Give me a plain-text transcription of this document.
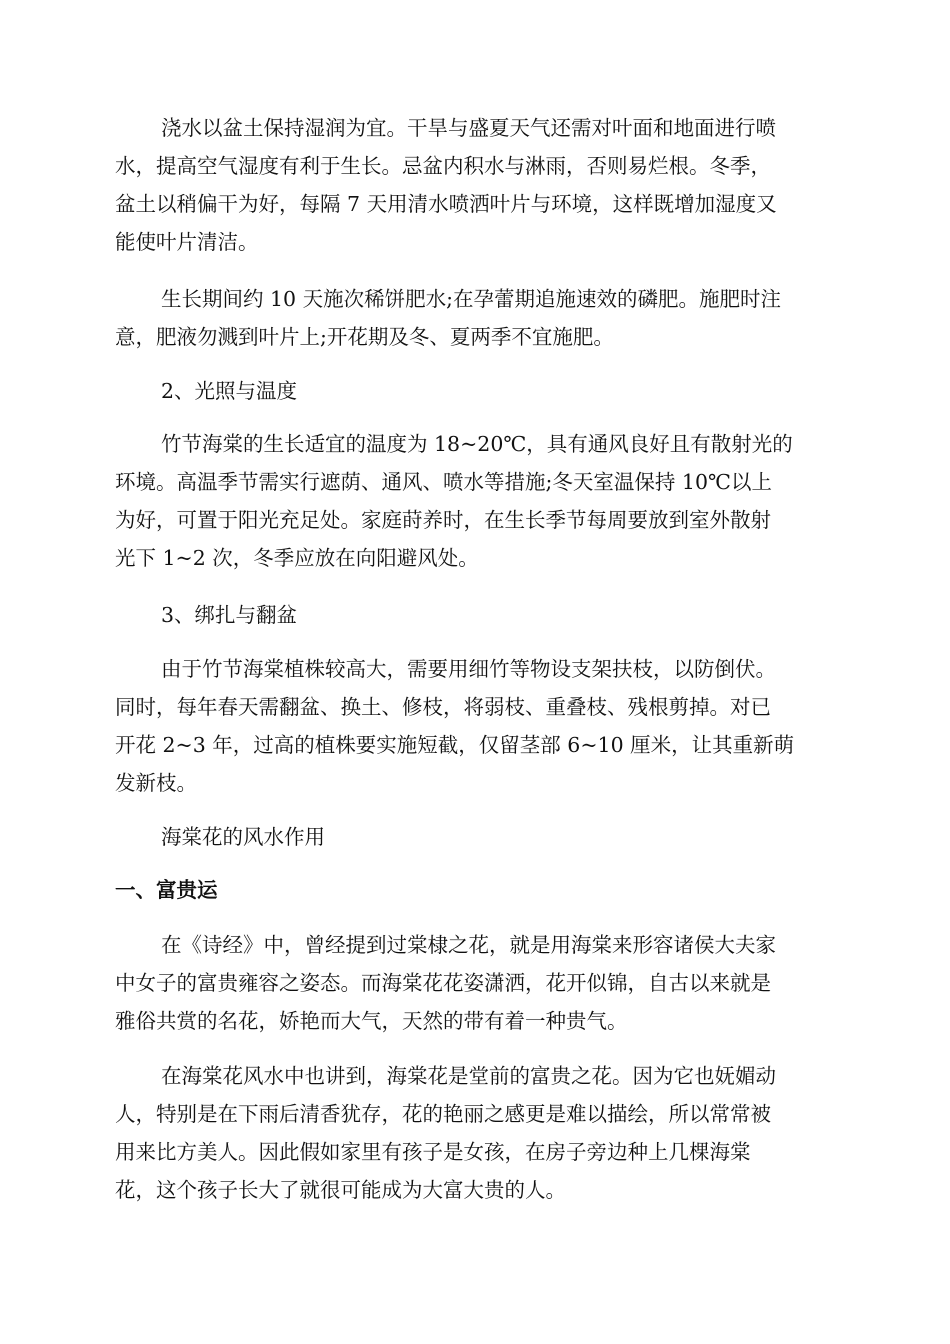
浇水以盆土保持湿润为宜。干旱与盛夏天气还需对叶面和地面进行喷
水，提高空气湿度有利于生长。忌盆内积水与淋雨，否则易烂根。冬季，
盆土以稍偏干为好，每隔 7 天用清水喷洒叶片与环境，这样既增加湿度又
能使叶片清洁。
生长期间约 10 天施次稀饼肥水;在孕蕾期追施速效的磷肥。施肥时注
意，肥液勿溅到叶片上;开花期及冬、夏两季不宜施肥。
2、光照与温度
竹节海棠的生长适宜的温度为 18~20℃，具有通风良好且有散射光的
环境。高温季节需实行遮荫、通风、喷水等措施;冬天室温保持 10℃以上
为好，可置于阳光充足处。家庭莳养时，在生长季节每周要放到室外散射
光下 1~2 次，冬季应放在向阳避风处。
3、绑扎与翻盆
由于竹节海棠植株较高大，需要用细竹等物设支架扶枝，以防倒伏。
同时，每年春天需翻盆、换土、修枝，将弱枝、重叠枝、残根剪掉。对已
开花 2~3 年，过高的植株要实施短截，仅留茎部 6~10 厘米，让其重新萌
发新枝。
海棠花的风水作用
一、富贵运
在《诗经》中，曾经提到过棠棣之花，就是用海棠来形容诸侯大夫家
中女子的富贵雍容之姿态。而海棠花花姿潇洒，花开似锦，自古以来就是
雅俗共赏的名花，娇艳而大气，天然的带有着一种贵气。
在海棠花风水中也讲到，海棠花是堂前的富贵之花。因为它也妩媚动
人，特别是在下雨后清香犹存，花的艳丽之感更是难以描绘，所以常常被
用来比方美人。因此假如家里有孩子是女孩，在房子旁边种上几棵海棠
花，这个孩子长大了就很可能成为大富大贵的人。
